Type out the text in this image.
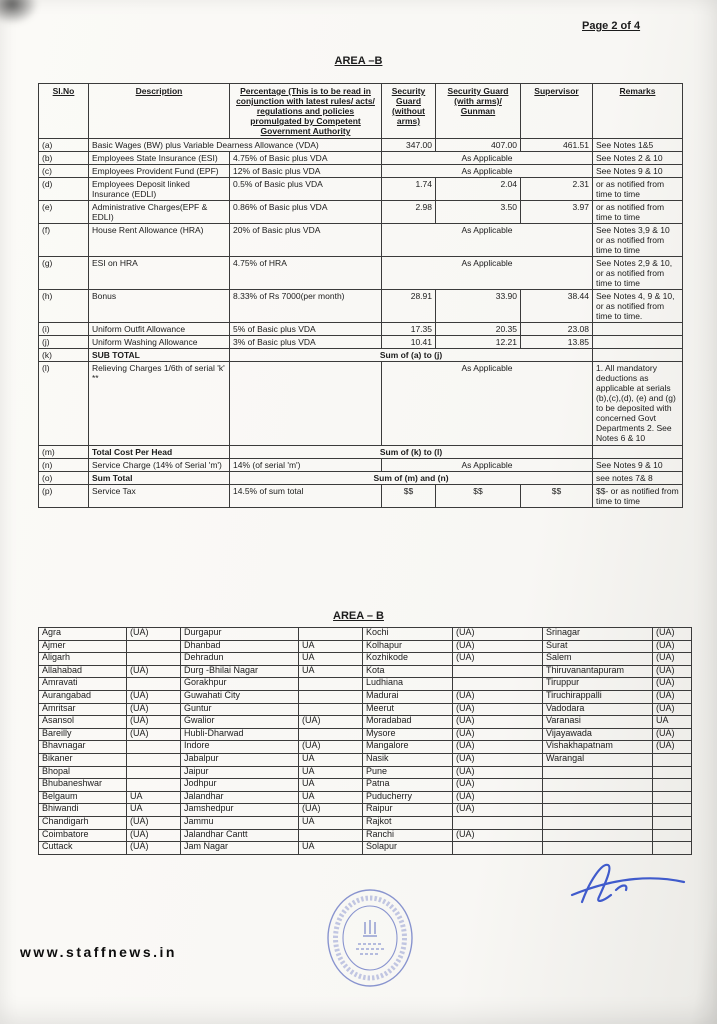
Page 2 of 4
AREA –B
Sl.No	Description	Percentage (This is to be read in conjunction with latest rules/ acts/ regulations and policies promulgated by Competent Government Authority	Security Guard (without arms)	Security Guard (with arms)/ Gunman	Supervisor	Remarks
(a)	Basic Wages (BW) plus Variable Dearness Allowance (VDA)		347.00	407.00	461.51	See Notes 1&5
(b)	Employees State Insurance (ESI)	4.75% of Basic plus VDA	As Applicable			See Notes 2 & 10
(c)	Employees Provident Fund (EPF)	12% of Basic plus VDA	As Applicable			See Notes 9 & 10
(d)	Employees Deposit linked Insurance (EDLI)	0.5% of Basic plus VDA	1.74	2.04	2.31	or as notified from time to time
(e)	Administrative Charges(EPF & EDLI)	0.86% of Basic plus VDA	2.98	3.50	3.97	or as notified from time to time
(f)	House Rent Allowance (HRA)	20% of Basic plus VDA	As Applicable			See Notes 3,9 & 10 or as notified from time to time
(g)	ESI on HRA	4.75% of HRA	As Applicable			See Notes 2,9 & 10, or as notified from time to time
(h)	Bonus	8.33% of Rs 7000(per month)	28.91	33.90	38.44	See Notes 4, 9 & 10, or as notified from time to time.
(i)	Uniform Outfit Allowance	5% of Basic plus VDA	17.35	20.35	23.08	
(j)	Uniform Washing Allowance	3% of Basic plus VDA	10.41	12.21	13.85	
(k)	SUB TOTAL	Sum of (a) to (j)				
(l)	Relieving Charges 1/6th of serial 'k' **		As Applicable			1. All mandatory deductions as applicable at serials (b),(c),(d), (e) and (g) to be deposited with concerned Govt Departments 2. See Notes 6 & 10
(m)	Total Cost Per Head	Sum of (k) to (l)				
(n)	Service Charge (14% of Serial 'm')	14% (of serial 'm')	As Applicable			See Notes 9 & 10
(o)	Sum Total	Sum of (m) and (n)				see notes 7& 8
(p)	Service Tax	14.5% of sum total	$$	$$	$$	$$- or as notified from time to time
AREA – B
Agra	(UA)	Durgapur		Kochi	(UA)	Srinagar	(UA)
Ajmer		Dhanbad	UA	Kolhapur	(UA)	Surat	(UA)
Aligarh		Dehradun	UA	Kozhikode	(UA)	Salem	(UA)
Allahabad	(UA)	Durg -Bhilai Nagar	UA	Kota		Thiruvanantapuram	(UA)
Amravati		Gorakhpur		Ludhiana		Tiruppur	(UA)
Aurangabad	(UA)	Guwahati City		Madurai	(UA)	Tiruchirappalli	(UA)
Amritsar	(UA)	Guntur		Meerut	(UA)	Vadodara	(UA)
Asansol	(UA)	Gwalior	(UA)	Moradabad	(UA)	Varanasi	UA
Bareilly	(UA)	Hubli-Dharwad		Mysore	(UA)	Vijayawada	(UA)
Bhavnagar		Indore	(UA)	Mangalore	(UA)	Vishakhapatnam	(UA)
Bikaner		Jabalpur	UA	Nasik	(UA)	Warangal	
Bhopal		Jaipur	UA	Pune	(UA)		
Bhubaneshwar		Jodhpur	UA	Patna	(UA)		
Belgaum	UA	Jalandhar	UA	Puducherry	(UA)		
Bhiwandi	UA	Jamshedpur	(UA)	Raipur	(UA)		
Chandigarh	(UA)	Jammu	UA	Rajkot			
Coimbatore	(UA)	Jalandhar Cantt		Ranchi	(UA)		
Cuttack	(UA)	Jam Nagar	UA	Solapur			
www.staffnews.in
